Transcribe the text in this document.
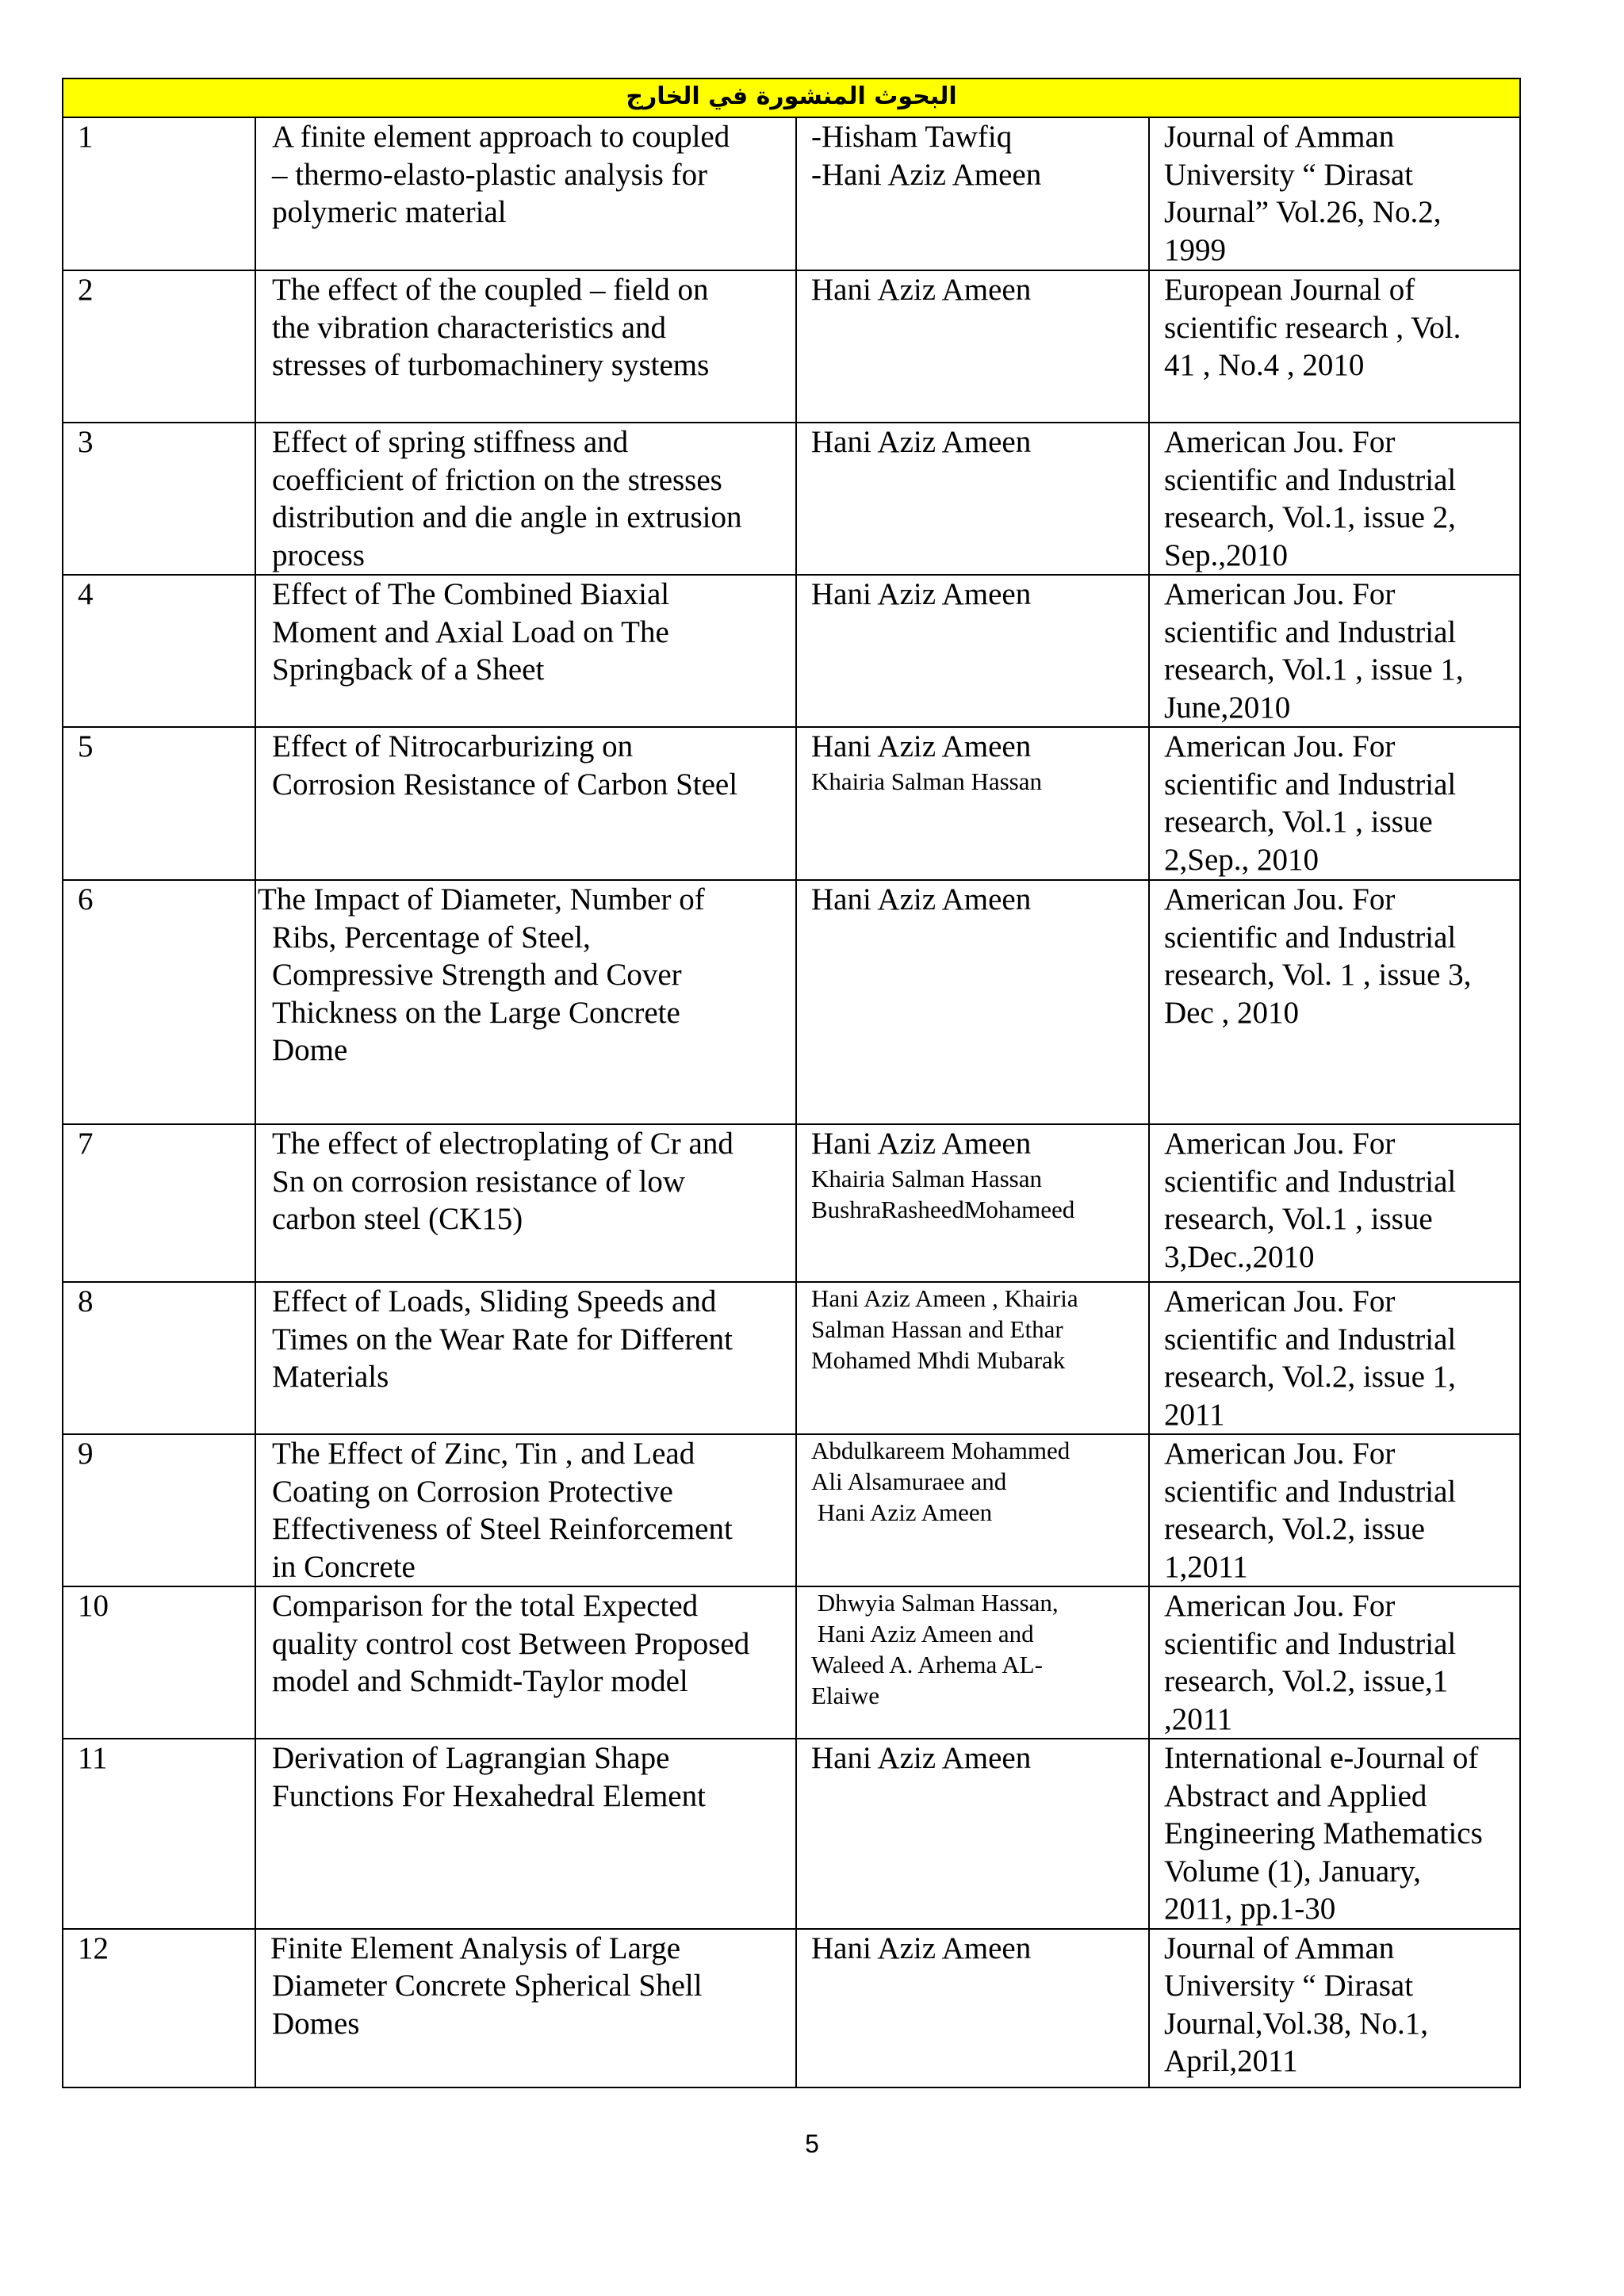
البحوث المنشورة في الخارج			
1	A finite element approach to coupled
– thermo-elasto-plastic analysis for
polymeric material	-Hisham Tawfiq
-Hani Aziz Ameen	Journal of Amman
University “ Dirasat
Journal” Vol.26, No.2,
1999

2	The effect of the coupled – field on
the vibration characteristics and
stresses of turbomachinery systems	Hani Aziz Ameen	European Journal of
scientific research , Vol.
41 , No.4 , 2010

3	Effect of spring stiffness and
coefficient of friction on the stresses
distribution and die angle in extrusion
process	Hani Aziz Ameen	American Jou. For
scientific and Industrial
research, Vol.1, issue 2,
Sep.,2010

4	Effect of The Combined Biaxial
Moment and Axial Load on The
Springback of a Sheet	Hani Aziz Ameen	American Jou. For
scientific and Industrial
research, Vol.1 , issue 1,
June,2010

5	Effect of Nitrocarburizing on
Corrosion Resistance of Carbon Steel	Hani Aziz Ameen
Khairia Salman Hassan	American Jou. For
scientific and Industrial
research, Vol.1 , issue
2,Sep., 2010

6	The Impact of Diameter, Number of
Ribs, Percentage of Steel,
Compressive Strength and Cover
Thickness on the Large Concrete
Dome	Hani Aziz Ameen	American Jou. For
scientific and Industrial
research, Vol. 1 , issue 3,
Dec , 2010

7	The effect of electroplating of Cr and
Sn on corrosion resistance of low
carbon steel (CK15)	Hani Aziz Ameen
Khairia Salman Hassan
BushraRasheedMohameed	American Jou. For
scientific and Industrial
research, Vol.1 , issue
3,Dec.,2010

8	Effect of Loads, Sliding Speeds and
Times on the Wear Rate for Different
Materials	Hani Aziz Ameen , Khairia
Salman Hassan and Ethar
Mohamed Mhdi Mubarak	American Jou. For
scientific and Industrial
research, Vol.2, issue 1,
2011

9	The Effect of Zinc, Tin , and Lead
Coating on Corrosion Protective
Effectiveness of Steel Reinforcement
in Concrete	Abdulkareem Mohammed
Ali Alsamuraee and
Hani Aziz Ameen	American Jou. For
scientific and Industrial
research, Vol.2, issue
1,2011

10	Comparison for the total Expected
quality control cost Between Proposed
model and Schmidt-Taylor model	Dhwyia Salman Hassan,
Hani Aziz Ameen and
Waleed A. Arhema AL-
Elaiwe	American Jou. For
scientific and Industrial
research, Vol.2, issue,1
,2011

11	Derivation of Lagrangian Shape
Functions For Hexahedral Element	Hani Aziz Ameen	International e-Journal of
Abstract and Applied
Engineering Mathematics
Volume (1), January,
2011, pp.1-30

12	Finite Element Analysis of Large
Diameter Concrete Spherical Shell
Domes	Hani Aziz Ameen	Journal of Amman
University “ Dirasat
Journal,Vol.38, No.1,
April,2011
5
